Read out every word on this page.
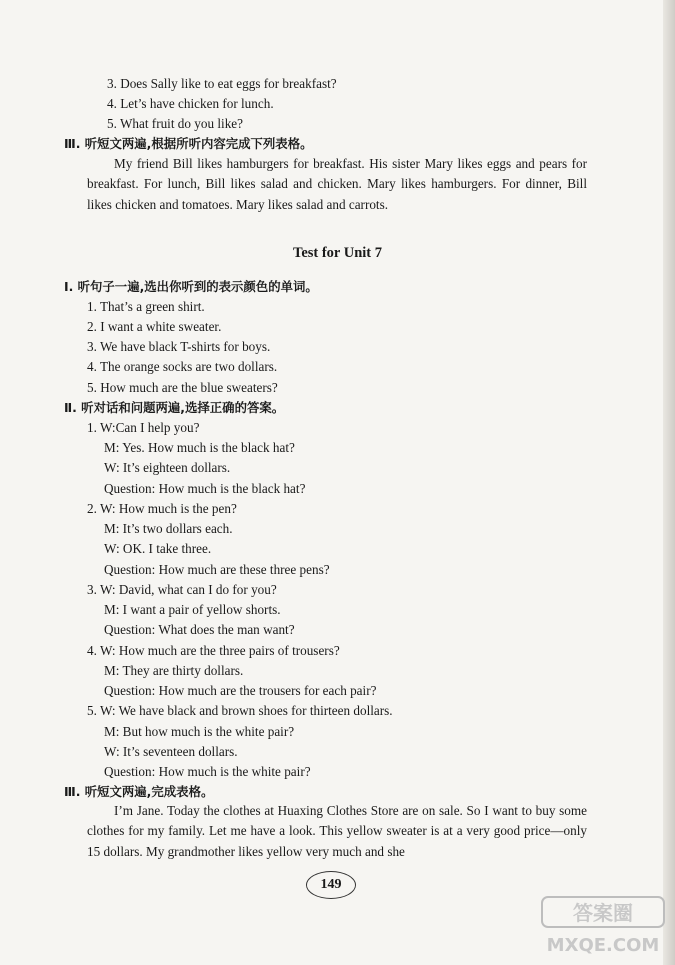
3. Does Sally like to eat eggs for breakfast?
4. Let’s have chicken for lunch.
5. What fruit do you like?
Ⅲ. 听短文两遍,根据所听内容完成下列表格。
My friend Bill likes hamburgers for breakfast. His sister Mary likes eggs and pears for breakfast. For lunch, Bill likes salad and chicken. Mary likes hamburgers. For dinner, Bill likes chicken and tomatoes. Mary likes salad and carrots.
Test for Unit 7
Ⅰ. 听句子一遍,选出你听到的表示颜色的单词。
1. That’s a green shirt.
2. I want a white sweater.
3. We have black T-shirts for boys.
4. The orange socks are two dollars.
5. How much are the blue sweaters?
Ⅱ. 听对话和问题两遍,选择正确的答案。
1. W:Can I help you?
M: Yes. How much is the black hat?
W: It’s eighteen dollars.
Question: How much is the black hat?
2. W: How much is the pen?
M: It’s two dollars each.
W: OK. I take three.
Question: How much are these three pens?
3. W: David, what can I do for you?
M: I want a pair of yellow shorts.
Question: What does the man want?
4. W: How much are the three pairs of trousers?
M: They are thirty dollars.
Question: How much are the trousers for each pair?
5. W: We have black and brown shoes for thirteen dollars.
M: But how much is the white pair?
W: It’s seventeen dollars.
Question: How much is the white pair?
Ⅲ. 听短文两遍,完成表格。
I’m Jane. Today the clothes at Huaxing Clothes Store are on sale. So I want to buy some clothes for my family. Let me have a look. This yellow sweater is at a very good price—only 15 dollars. My grandmother likes yellow very much and she
149
答案圈
MXQE.COM
